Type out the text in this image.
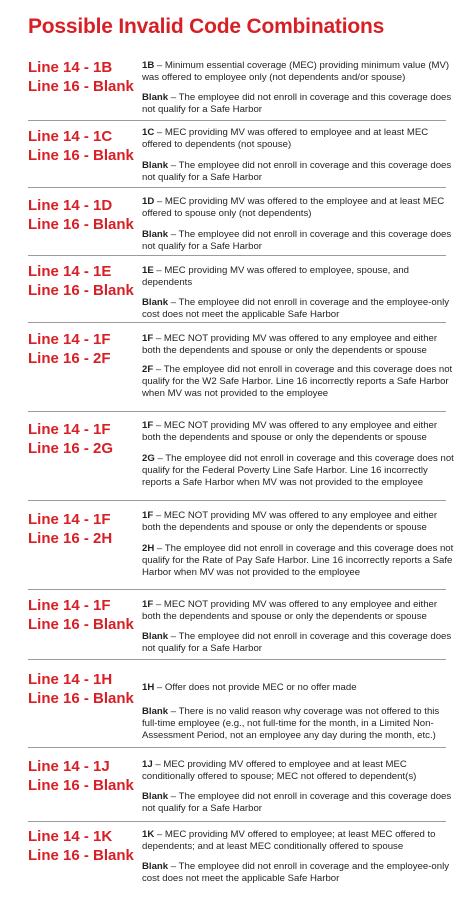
Possible Invalid Code Combinations
Line 14 - 1B
Line 16 - Blank
1B – Minimum essential coverage (MEC) providing minimum value (MV) was offered to employee only (not dependents and/or spouse)
Blank – The employee did not enroll in coverage and this coverage does not qualify for a Safe Harbor
Line 14 - 1C
Line 16 - Blank
1C – MEC providing MV was offered to employee and at least MEC offered to dependents (not spouse)
Blank – The employee did not enroll in coverage and this coverage does not qualify for a Safe Harbor
Line 14 - 1D
Line 16 - Blank
1D – MEC providing MV was offered to the employee and at least MEC offered to spouse only (not dependents)
Blank – The employee did not enroll in coverage and this coverage does not qualify for a Safe Harbor
Line 14 - 1E
Line 16 - Blank
1E – MEC providing MV was offered to employee, spouse, and dependents
Blank – The employee did not enroll in coverage and the employee-only cost does not meet the applicable Safe Harbor
Line 14 - 1F
Line 16 - 2F
1F – MEC NOT providing MV was offered to any employee and either both the dependents and spouse or only the dependents or spouse
2F – The employee did not enroll in coverage and this coverage does not qualify for the W2 Safe Harbor. Line 16 incorrectly reports a Safe Harbor when MV was not provided to the employee
Line 14 - 1F
Line 16 - 2G
1F – MEC NOT providing MV was offered to any employee and either both the dependents and spouse or only the dependents or spouse
2G – The employee did not enroll in coverage and this coverage does not qualify for the Federal Poverty Line Safe Harbor. Line 16 incorrectly reports a Safe Harbor when MV was not provided to the employee
Line 14 - 1F
Line 16 - 2H
1F – MEC NOT providing MV was offered to any employee and either both the dependents and spouse or only the dependents or spouse
2H – The employee did not enroll in coverage and this coverage does not qualify for the Rate of Pay Safe Harbor. Line 16 incorrectly reports a Safe Harbor when MV was not provided to the employee
Line 14 - 1F
Line 16 - Blank
1F – MEC NOT providing MV was offered to any employee and either both the dependents and spouse or only the dependents or spouse
Blank – The employee did not enroll in coverage and this coverage does not qualify for a Safe Harbor
Line 14 - 1H
Line 16 - Blank
1H – Offer does not provide MEC or no offer made
Blank – There is no valid reason why coverage was not offered to this full-time employee (e.g., not full-time for the month, in a Limited Non-Assessment Period, not an employee any day during the month, etc.)
Line 14 - 1J
Line 16 - Blank
1J – MEC providing MV offered to employee and at least MEC conditionally offered to spouse; MEC not offered to dependent(s)
Blank – The employee did not enroll in coverage and this coverage does not qualify for a Safe Harbor
Line 14 - 1K
Line 16 - Blank
1K – MEC providing MV offered to employee; at least MEC offered to dependents; and at least MEC conditionally offered to spouse
Blank – The employee did not enroll in coverage and the employee-only cost does not meet the applicable Safe Harbor
